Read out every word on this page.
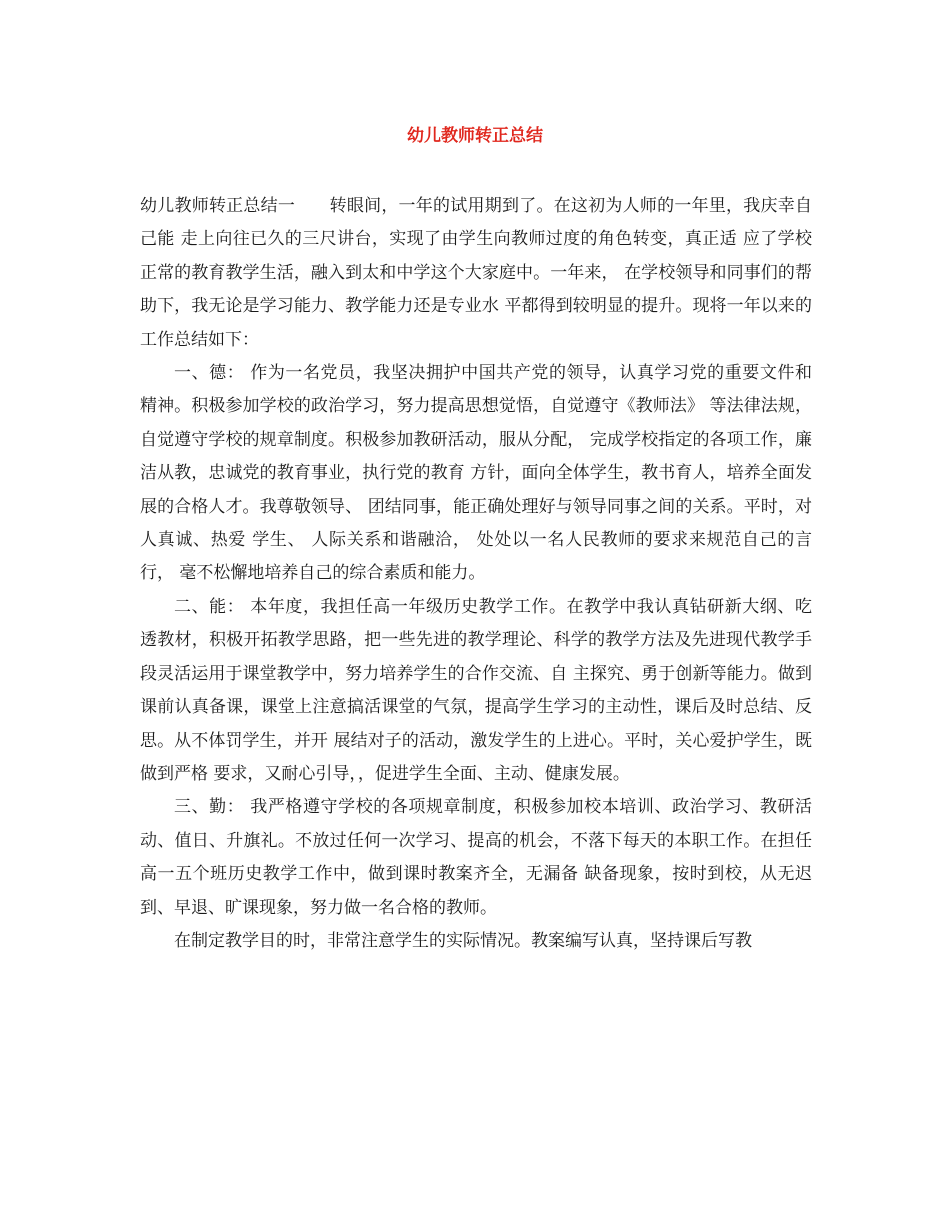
幼儿教师转正总结

幼儿教师转正总结一　　转眼间，一年的试用期到了。在这初为人师的一年里，我庆幸自己能 走上向往已久的三尺讲台，实现了由学生向教师过度的角色转变，真正适 应了学校正常的教育教学生活，融入到太和中学这个大家庭中。一年来， 在学校领导和同事们的帮助下，我无论是学习能力、教学能力还是专业水 平都得到较明显的提升。现将一年以来的工作总结如下：

一、德： 作为一名党员，我坚决拥护中国共产党的领导，认真学习党的重要文件和 精神。积极参加学校的政治学习，努力提高思想觉悟，自觉遵守《教师法》 等法律法规，自觉遵守学校的规章制度。积极参加教研活动，服从分配， 完成学校指定的各项工作，廉洁从教，忠诚党的教育事业，执行党的教育 方针，面向全体学生，教书育人，培养全面发展的合格人才。我尊敬领导、 团结同事，能正确处理好与领导同事之间的关系。平时，对人真诚、热爱 学生、 人际关系和谐融洽， 处处以一名人民教师的要求来规范自己的言行， 毫不松懈地培养自己的综合素质和能力。

二、能： 本年度，我担任高一年级历史教学工作。在教学中我认真钻研新大纲、吃 透教材，积极开拓教学思路，把一些先进的教学理论、科学的教学方法及先进现代教学手段灵活运用于课堂教学中，努力培养学生的合作交流、自 主探究、勇于创新等能力。做到课前认真备课，课堂上注意搞活课堂的气氛，提高学生学习的主动性，课后及时总结、反思。从不体罚学生，并开 展结对子的活动，激发学生的上进心。平时，关心爱护学生，既做到严格 要求，又耐心引导，，促进学生全面、主动、健康发展。

三、勤： 我严格遵守学校的各项规章制度，积极参加校本培训、政治学习、教研活 动、值日、升旗礼。不放过任何一次学习、提高的机会，不落下每天的本职工作。在担任高一五个班历史教学工作中，做到课时教案齐全，无漏备 缺备现象，按时到校，从无迟到、早退、旷课现象，努力做一名合格的教师。

在制定教学目的时，非常注意学生的实际情况。教案编写认真，坚持课后写教
